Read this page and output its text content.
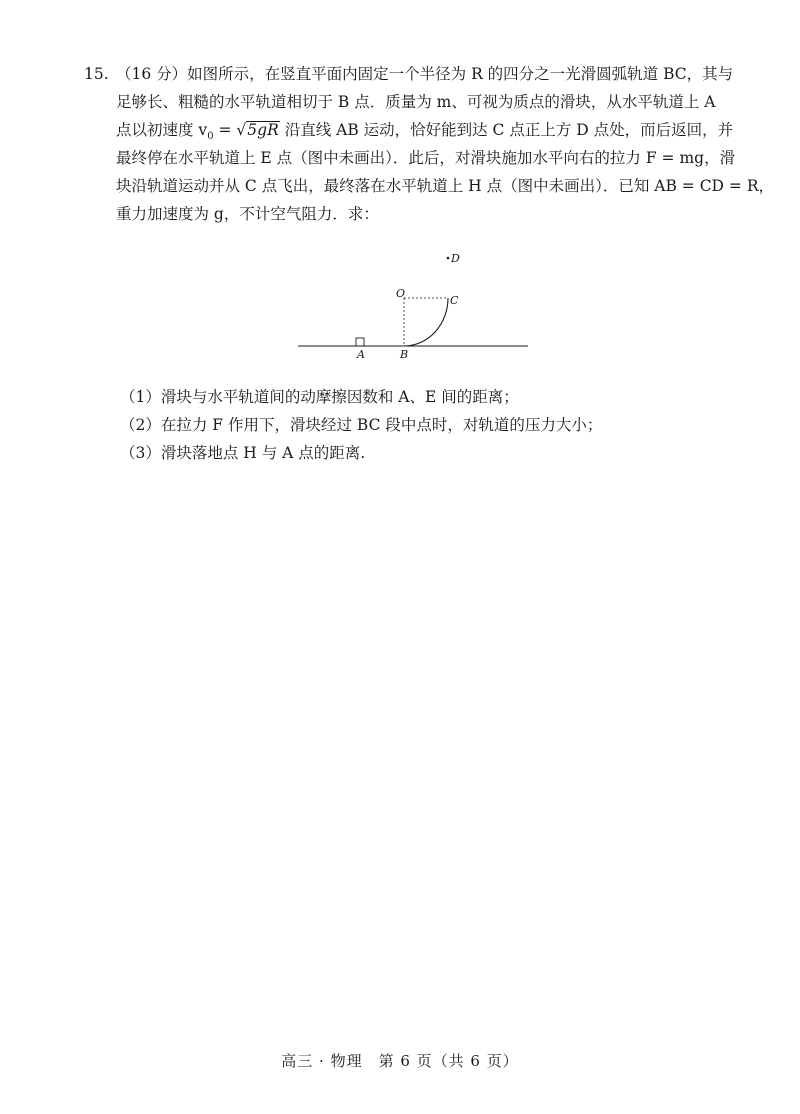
15. （16 分）如图所示，在竖直平面内固定一个半径为 R 的四分之一光滑圆弧轨道 BC，其与
足够长、粗糙的水平轨道相切于 B 点．质量为 m、可视为质点的滑块，从水平轨道上 A
点以初速度 $v_0 = √5gR$ 沿直线 AB 运动，恰好能到达 C 点正上方 D 点处，而后返回，并
最终停在水平轨道上 E 点（图中未画出）．此后，对滑块施加水平向右的拉力 F = mg，滑
块沿轨道运动并从 C 点飞出，最终落在水平轨道上 H 点（图中未画出）．已知 AB = CD = R，
重力加速度为 g，不计空气阻力．求：
D
O
C
A	B
（1）滑块与水平轨道间的动摩擦因数和 A、E 间的距离；
（2）在拉力 F 作用下，滑块经过 BC 段中点时，对轨道的压力大小；
（3）滑块落地点 H 与 A 点的距离.
高三 · 物理　第 6 页（共 6 页）
